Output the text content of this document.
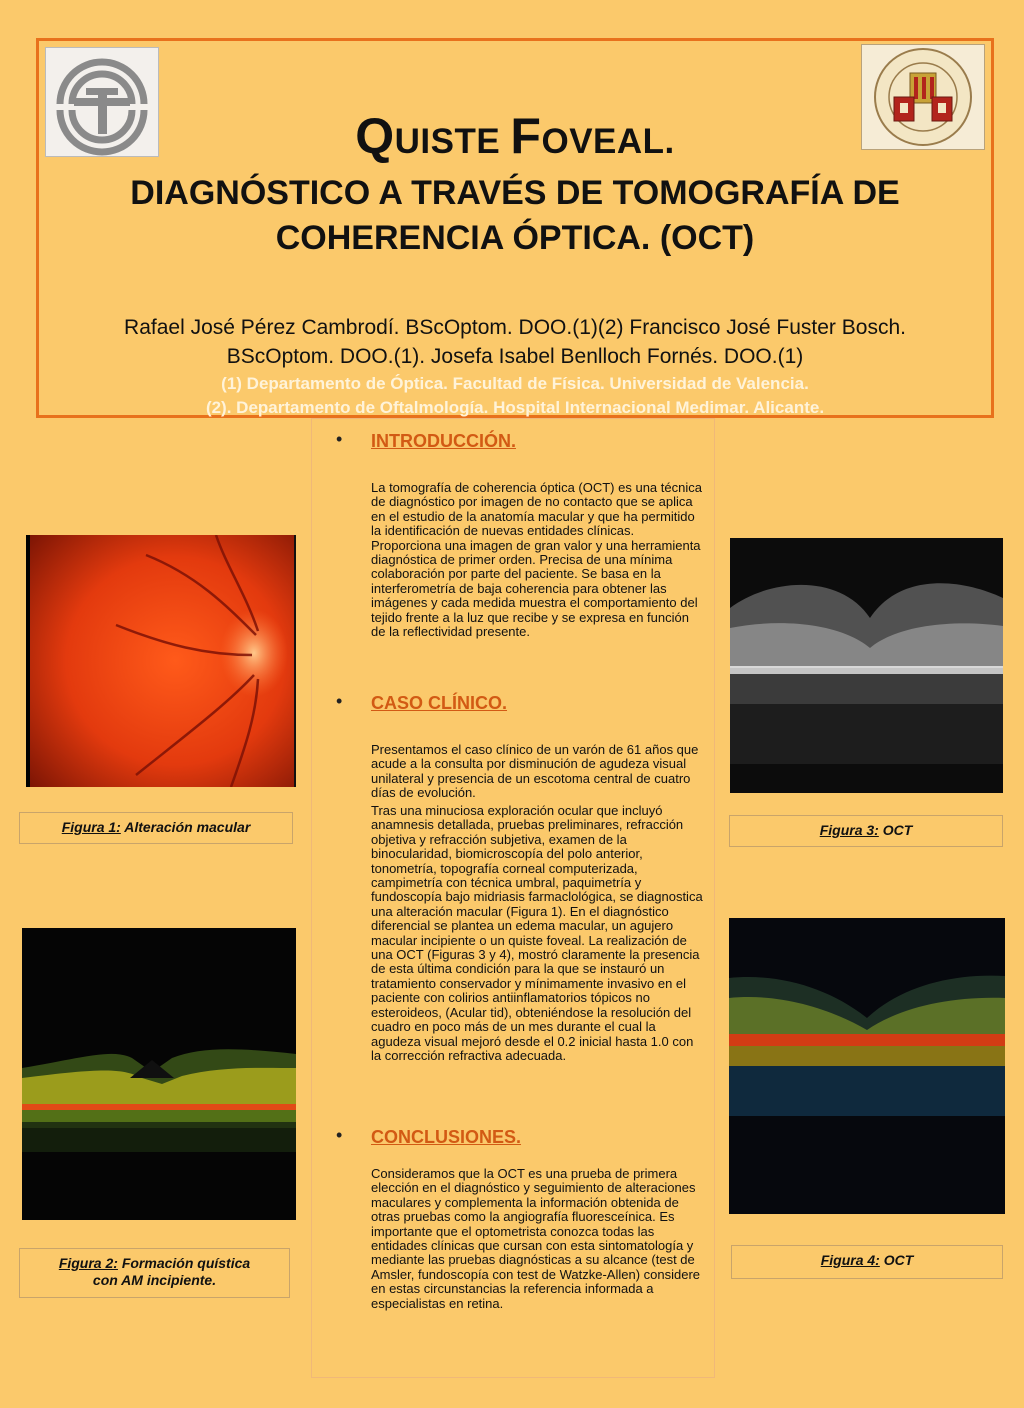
QUISTE FOVEAL.
DIAGNÓSTICO A TRAVÉS DE TOMOGRAFÍA DE
COHERENCIA ÓPTICA. (OCT)
Rafael José Pérez Cambrodí. BScOptom. DOO.(1)(2) Francisco José Fuster Bosch.
BScOptom. DOO.(1). Josefa Isabel Benlloch Fornés. DOO.(1)
(1) Departamento de Óptica. Facultad de Física. Universidad de Valencia.
(2). Departamento de Oftalmología. Hospital Internacional Medimar. Alicante.
• INTRODUCCIÓN.
La tomografía de coherencia óptica (OCT) es una técnica de diagnóstico por imagen de no contacto que se aplica en el estudio de la anatomía macular y que ha permitido la identificación de nuevas entidades clínicas. Proporciona una imagen de gran valor y una herramienta diagnóstica de primer orden. Precisa de una mínima colaboración por parte del paciente. Se basa en la interferometría de baja coherencia para obtener las imágenes y cada medida muestra el comportamiento del tejido frente a la luz que recibe y se expresa en función de la reflectividad presente.
• CASO CLÍNICO.
Presentamos el caso clínico de un varón de 61 años que acude a la consulta por disminución de agudeza visual unilateral y presencia de un escotoma central de cuatro días de evolución.
Tras una minuciosa exploración ocular que incluyó anamnesis detallada, pruebas preliminares, refracción objetiva y refracción subjetiva, examen de la binocularidad, biomicroscopía del polo anterior, tonometría, topografía corneal computerizada, campimetría con técnica umbral, paquimetría y fundoscopía bajo midriasis farmaclológica, se diagnostica una alteración macular (Figura 1). En el diagnóstico diferencial se plantea un edema macular, un agujero macular incipiente o un quiste foveal. La realización de una OCT (Figuras 3 y 4), mostró claramente la presencia de esta última condición para la que se instauró un tratamiento conservador y mínimamente invasivo en el paciente con colirios antiinflamatorios tópicos no esteroideos, (Acular tid), obteniéndose la resolución del cuadro en poco más de un mes durante el cual la agudeza visual mejoró desde el 0.2 inicial hasta 1.0 con la corrección refractiva adecuada.
• CONCLUSIONES.
Consideramos que la OCT es una prueba de primera elección en el diagnóstico y seguimiento de alteraciones maculares y complementa la información obtenida de otras pruebas como la angiografía fluoresceínica. Es importante que el optometrista conozca todas las entidades clínicas que cursan con esta sintomatología y mediante las pruebas diagnósticas a su alcance (test de Amsler, fundoscopía con test de Watzke-Allen) considere en estas circunstancias la referencia informada a especialistas en retina.
Figura 1: Alteración macular
Figura 2: Formación quística
con AM incipiente.
Figura 3: OCT
Figura 4: OCT
